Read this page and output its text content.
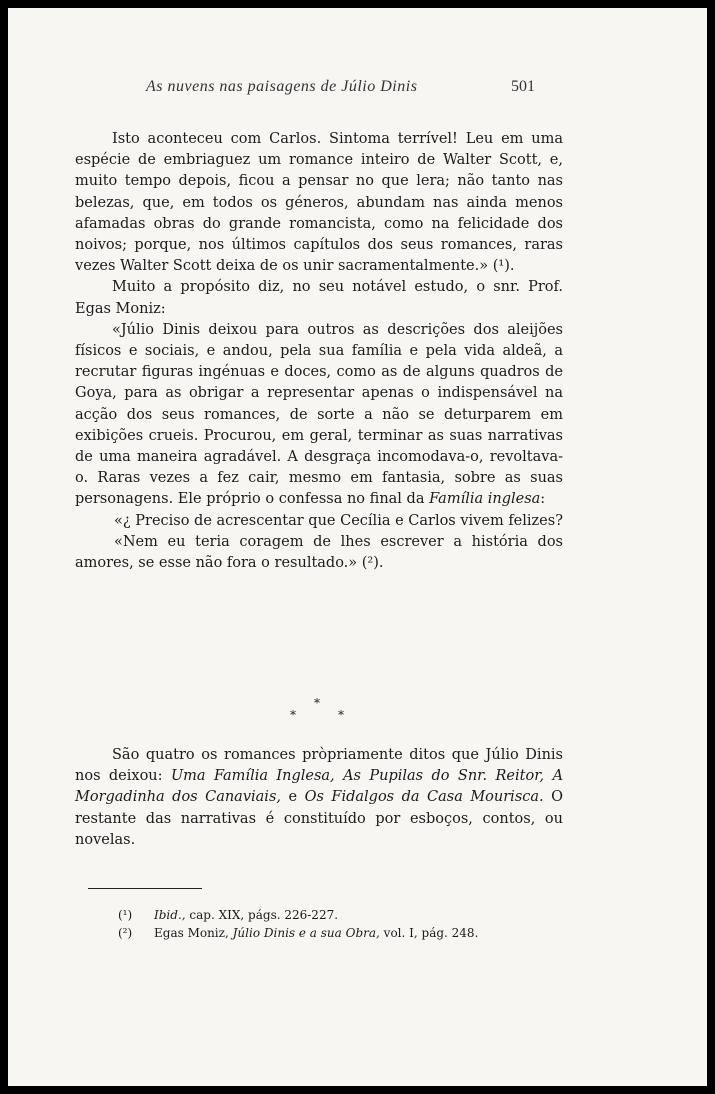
As nuvens nas paisagens de Júlio Dinis	501

Isto aconteceu com Carlos. Sintoma terrível! Leu em uma espécie de embriaguez um romance inteiro de Walter Scott, e, muito tempo depois, ficou a pensar no que lera; não tanto nas belezas, que, em todos os géneros, abundam nas ainda menos afamadas obras do grande romancista, como na felicidade dos noivos; porque, nos últimos capítulos dos seus romances, raras vezes Walter Scott deixa de os unir sacramentalmente.» (¹).

Muito a propósito diz, no seu notável estudo, o snr. Prof. Egas Moniz:

«Júlio Dinis deixou para outros as descrições dos aleijões físicos e sociais, e andou, pela sua família e pela vida aldeã, a recrutar figuras ingénuas e doces, como as de alguns quadros de Goya, para as obrigar a representar apenas o indispensável na acção dos seus romances, de sorte a não se deturparem em exibições crueis. Procurou, em geral, terminar as suas narrativas de uma maneira agradável. A desgraça incomodava-o, revoltava-o. Raras vezes a fez cair, mesmo em fantasia, sobre as suas personagens. Ele próprio o confessa no final da Família inglesa:

«¿ Preciso de acrescentar que Cecília e Carlos vivem felizes?

«Nem eu teria coragem de lhes escrever a história dos amores, se esse não fora o resultado.» (²).

*
*	*

São quatro os romances pròpriamente ditos que Júlio Dinis nos deixou: Uma Família Inglesa, As Pupilas do Snr. Reitor, A Morgadinha dos Canaviais, e Os Fidalgos da Casa Mourisca. O restante das narrativas é constituído por esboços, contos, ou novelas.

(¹) Ibid., cap. XIX, págs. 226-227.
(²) Egas Moniz, Júlio Dinis e a sua Obra, vol. I, pág. 248.
